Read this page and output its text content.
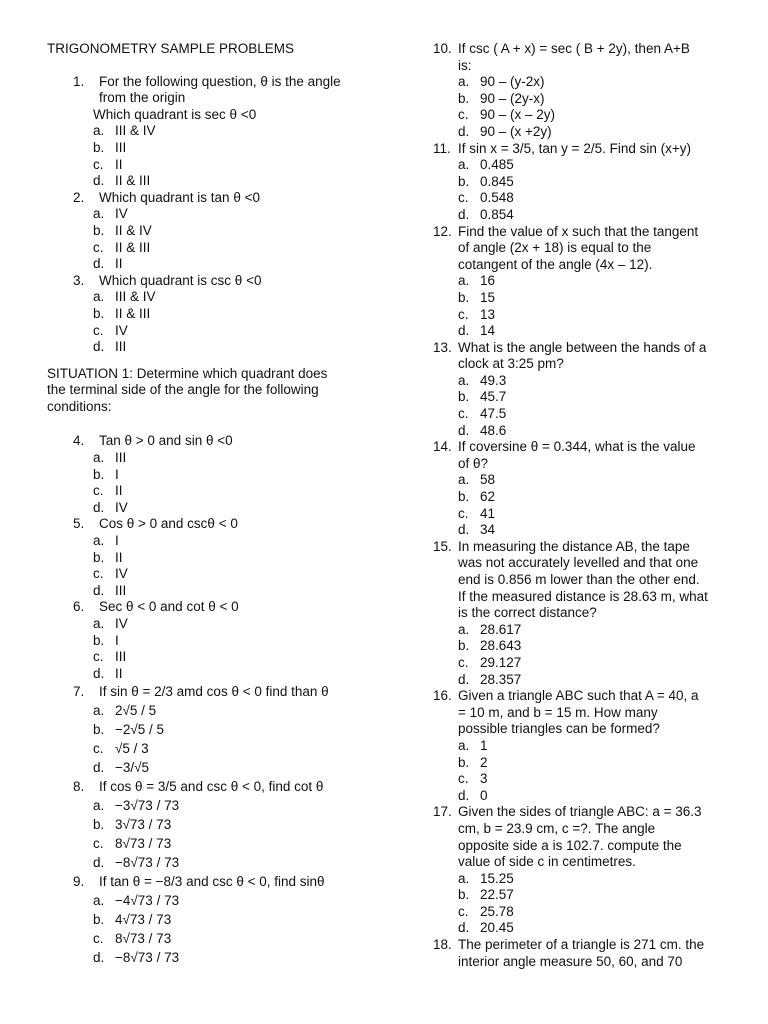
TRIGONOMETRY SAMPLE PROBLEMS
1. For the following question, θ is the angle
from the origin
Which quadrant is sec θ <0
a. III & IV
b. III
c. II
d. II & III
2. Which quadrant is tan θ <0
a. IV
b. II & IV
c. II & III
d. II
3. Which quadrant is csc θ <0
a. III & IV
b. II & III
c. IV
d. III
SITUATION 1: Determine which quadrant does
the terminal side of the angle for the following
conditions:
4. Tan θ > 0 and sin θ <0
a. III
b. I
c. II
d. IV
5. Cos θ > 0 and cscθ < 0
a. I
b. II
c. IV
d. III
6. Sec θ < 0 and cot θ < 0
a. IV
b. I
c. III
d. II
7. If sin θ = 2/3 amd cos θ < 0 find than θ
a. 2√5 / 5
b. −2√5 / 5
c. √5 / 3
d. −3/√5
8. If cos θ = 3/5 and csc θ < 0, find cot θ
a. −3√73 / 73
b. 3√73 / 73
c. 8√73 / 73
d. −8√73 / 73
9. If tan θ = −8/3 and csc θ < 0, find sinθ
a. −4√73 / 73
b. 4√73 / 73
c. 8√73 / 73
d. −8√73 / 73
10. If csc ( A + x) = sec ( B + 2y), then A+B
is:
a. 90 – (y-2x)
b. 90 – (2y-x)
c. 90 – (x – 2y)
d. 90 – (x +2y)
11. If sin x = 3/5, tan y = 2/5. Find sin (x+y)
a. 0.485
b. 0.845
c. 0.548
d. 0.854
12. Find the value of x such that the tangent
of angle (2x + 18) is equal to the
cotangent of the angle (4x – 12).
a. 16
b. 15
c. 13
d. 14
13. What is the angle between the hands of a
clock at 3:25 pm?
a. 49.3
b. 45.7
c. 47.5
d. 48.6
14. If coversine θ = 0.344, what is the value
of θ?
a. 58
b. 62
c. 41
d. 34
15. In measuring the distance AB, the tape
was not accurately levelled and that one
end is 0.856 m lower than the other end.
If the measured distance is 28.63 m, what
is the correct distance?
a. 28.617
b. 28.643
c. 29.127
d. 28.357
16. Given a triangle ABC such that A = 40, a
= 10 m, and b = 15 m. How many
possible triangles can be formed?
a. 1
b. 2
c. 3
d. 0
17. Given the sides of triangle ABC: a = 36.3
cm, b = 23.9 cm, c =?. The angle
opposite side a is 102.7. compute the
value of side c in centimetres.
a. 15.25
b. 22.57
c. 25.78
d. 20.45
18. The perimeter of a triangle is 271 cm. the
interior angle measure 50, 60, and 70
